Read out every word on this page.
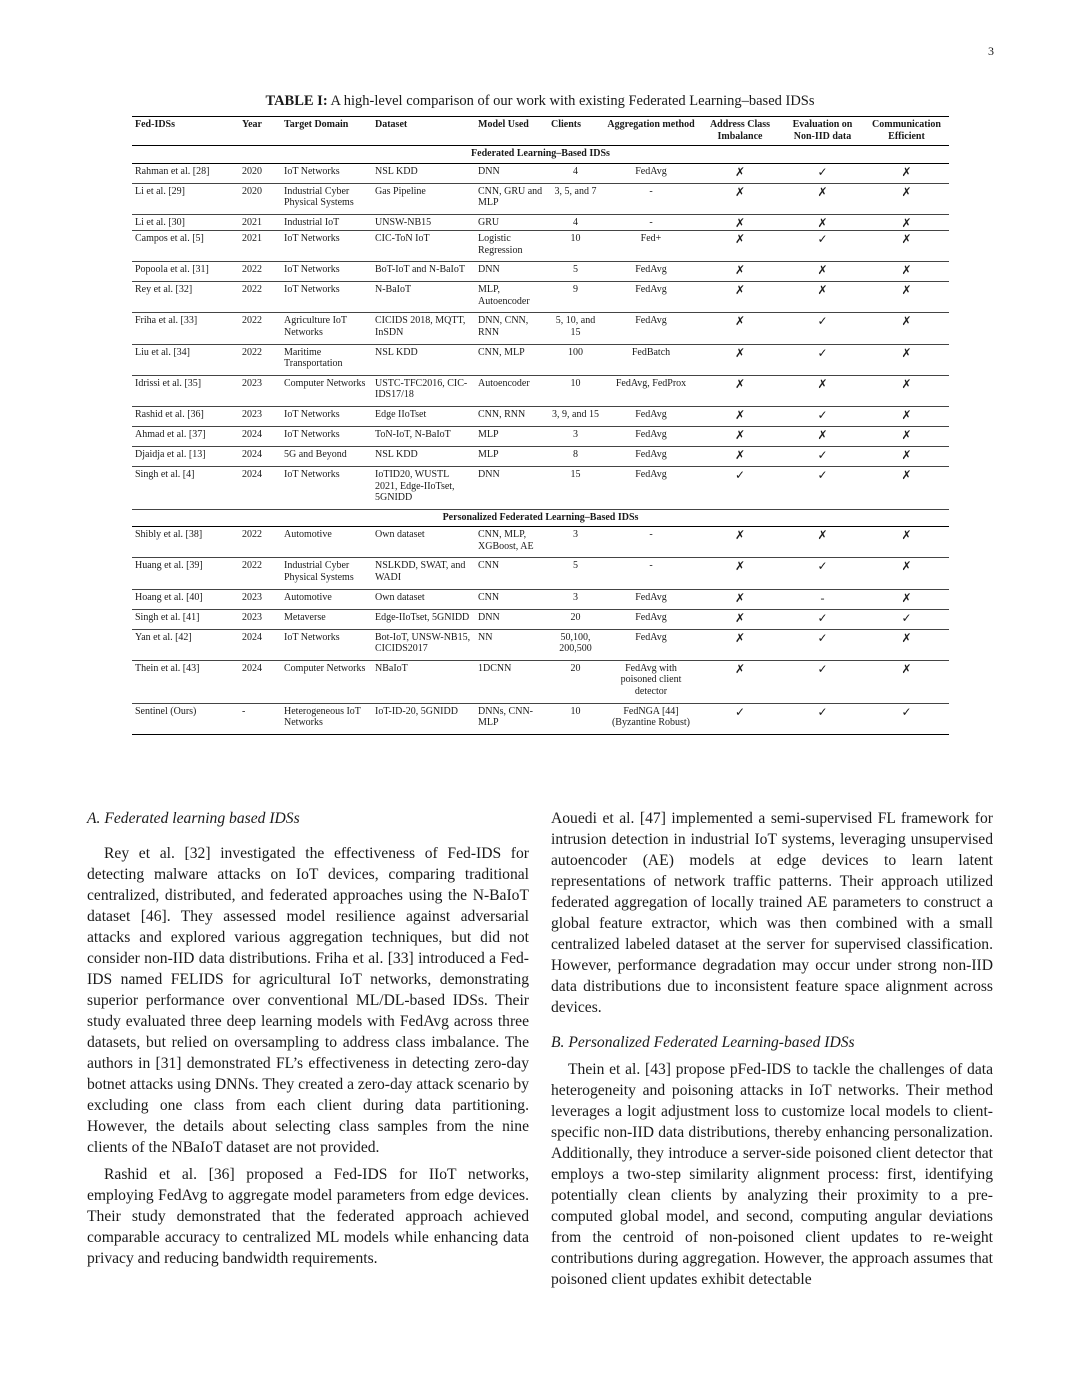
3
TABLE I: A high-level comparison of our work with existing Federated Learning–based IDSs
Fed-IDSs	Year	Target Domain	Dataset	Model Used	Clients	Aggregation method	Address Class Imbalance	Evaluation on Non-IID data	Communication Efficient
Federated Learning–Based IDSs									
Rahman et al. [28]	2020	IoT Networks	NSL KDD	DNN	4	FedAvg	✗	✓	✗
Li et al. [29]	2020	Industrial Cyber Physical Systems	Gas Pipeline	CNN, GRU and MLP	3, 5, and 7	-	✗	✗	✗
Li et al. [30]	2021	Industrial IoT	UNSW-NB15	GRU	4	-	✗	✗	✗
Campos et al. [5]	2021	IoT Networks	CIC-ToN IoT	Logistic Regression	10	Fed+	✗	✓	✗
Popoola et al. [31]	2022	IoT Networks	BoT-IoT and N-BaIoT	DNN	5	FedAvg	✗	✗	✗
Rey et al. [32]	2022	IoT Networks	N-BaIoT	MLP, Autoencoder	9	FedAvg	✗	✗	✗
Friha et al. [33]	2022	Agriculture IoT Networks	CICIDS 2018, MQTT, InSDN	DNN, CNN, RNN	5, 10, and 15	FedAvg	✗	✓	✗
Liu et al. [34]	2022	Maritime Transportation	NSL KDD	CNN, MLP	100	FedBatch	✗	✓	✗
Idrissi et al. [35]	2023	Computer Networks	USTC-TFC2016, CIC-IDS17/18	Autoencoder	10	FedAvg, FedProx	✗	✗	✗
Rashid et al. [36]	2023	IoT Networks	Edge IIoTset	CNN, RNN	3, 9, and 15	FedAvg	✗	✓	✗
Ahmad et al. [37]	2024	IoT Networks	ToN-IoT, N-BaIoT	MLP	3	FedAvg	✗	✗	✗
Djaidja et al. [13]	2024	5G and Beyond	NSL KDD	MLP	8	FedAvg	✗	✓	✗
Singh et al. [4]	2024	IoT Networks	IoTID20, WUSTL 2021, Edge-IIoTset, 5GNIDD	DNN	15	FedAvg	✓	✓	✗
Personalized Federated Learning–Based IDSs									
Shibly et al. [38]	2022	Automotive	Own dataset	CNN, MLP, XGBoost, AE	3	-	✗	✗	✗
Huang et al. [39]	2022	Industrial Cyber Physical Systems	NSLKDD, SWAT, and WADI	CNN	5	-	✗	✓	✗
Hoang et al. [40]	2023	Automotive	Own dataset	CNN	3	FedAvg	✗	-	✗
Singh et al. [41]	2023	Metaverse	Edge-IIoTset, 5GNIDD	DNN	20	FedAvg	✗	✓	✓
Yan et al. [42]	2024	IoT Networks	Bot-IoT, UNSW-NB15, CICIDS2017	NN	50,100, 200,500	FedAvg	✗	✓	✗
Thein et al. [43]	2024	Computer Networks	NBaIoT	1DCNN	20	FedAvg with poisoned client detector	✗	✓	✗
Sentinel (Ours)	-	Heterogeneous IoT Networks	IoT-ID-20, 5GNIDD	DNNs, CNN-MLP	10	FedNGA [44] (Byzantine Robust)	✓	✓	✓

A. Federated learning based IDSs

Rey et al. [32] investigated the effectiveness of Fed-IDS for detecting malware attacks on IoT devices, comparing traditional centralized, distributed, and federated approaches using the N-BaIoT dataset [46]. They assessed model resilience against adversarial attacks and explored various aggregation techniques, but did not consider non-IID data distributions. Friha et al. [33] introduced a Fed-IDS named FELIDS for agricultural IoT networks, demonstrating superior performance over conventional ML/DL-based IDSs. Their study evaluated three deep learning models with FedAvg across three datasets, but relied on oversampling to address class imbalance. The authors in [31] demonstrated FL’s effectiveness in detecting zero-day botnet attacks using DNNs. They created a zero-day attack scenario by excluding one class from each client during data partitioning. However, the details about selecting class samples from the nine clients of the NBaIoT dataset are not provided.

Rashid et al. [36] proposed a Fed-IDS for IIoT networks, employing FedAvg to aggregate model parameters from edge devices. Their study demonstrated that the federated approach achieved comparable accuracy to centralized ML models while enhancing data privacy and reducing bandwidth requirements.

Aouedi et al. [47] implemented a semi-supervised FL framework for intrusion detection in industrial IoT systems, leveraging unsupervised autoencoder (AE) models at edge devices to learn latent representations of network traffic patterns. Their approach utilized federated aggregation of locally trained AE parameters to construct a global feature extractor, which was then combined with a small centralized labeled dataset at the server for supervised classification. However, performance degradation may occur under strong non-IID data distributions due to inconsistent feature space alignment across devices.

B. Personalized Federated Learning-based IDSs

Thein et al. [43] propose pFed-IDS to tackle the challenges of data heterogeneity and poisoning attacks in IoT networks. Their method leverages a logit adjustment loss to customize local models to client-specific non-IID data distributions, thereby enhancing personalization. Additionally, they introduce a server-side poisoned client detector that employs a two-step similarity alignment process: first, identifying potentially clean clients by analyzing their proximity to a pre-computed global model, and second, computing angular deviations from the centroid of non-poisoned client updates to re-weight contributions during aggregation. However, the approach assumes that poisoned client updates exhibit detectable
